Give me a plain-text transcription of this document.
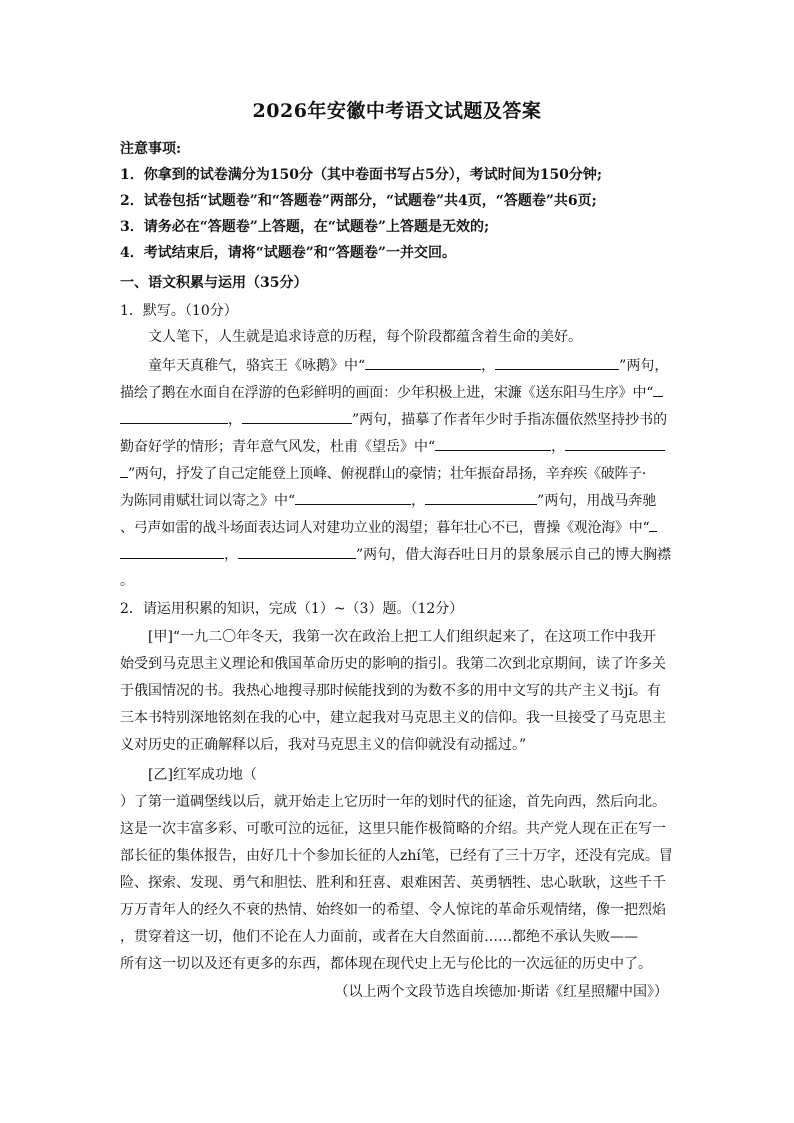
2026年安徽中考语文试题及答案
注意事项:
1．你拿到的试卷满分为150分（其中卷面书写占5分），考试时间为150分钟;
2．试卷包括“试题卷”和“答题卷”两部分，“试题卷”共4页，“答题卷”共6页;
3．请务必在“答题卷”上答题，在“试题卷”上答题是无效的;
4．考试结束后，请将“试题卷”和“答题卷”一并交回。
一、语文积累与运用（35分）
1．默写。（10分）
文人笔下，人生就是追求诗意的历程，每个阶段都蕴含着生命的美好。
童年天真稚气，骆宾王《咏鹅》中“	，	”两句，
描绘了鹅在水面自在浮游的色彩鲜明的画面：少年积极上进，宋濂《送东阳马生序》中“
，	”两句，描摹了作者年少时手指冻僵依然坚持抄书的
勤奋好学的情形；青年意气风发，杜甫《望岳》中“	，
”两句，抒发了自己定能登上顶峰、俯视群山的豪情；壮年振奋昂扬，辛弃疾《破阵子·
为陈同甫赋壮词以寄之》中“	，	”两句，用战马奔驰
、弓声如雷的战斗场面表达词人对建功立业的渴望；暮年壮心不已，曹操《观沧海》中“
，	”两句，借大海吞吐日月的景象展示自己的博大胸襟
。
2．请运用积累的知识，完成（1）~（3）题。（12分）
[甲]“一九二〇年冬天，我第一次在政治上把工人们组织起来了，在这项工作中我开
始受到马克思主义理论和俄国革命历史的影响的指引。我第二次到北京期间，读了许多关
于俄国情况的书。我热心地搜寻那时候能找到的为数不多的用中文写的共产主义书jí。有
三本书特别深地铭刻在我的心中，建立起我对马克思主义的信仰。我一旦接受了马克思主
义对历史的正确解释以后，我对马克思主义的信仰就没有动摇过。”
[乙]红军成功地（
）了第一道碉堡线以后，就开始走上它历时一年的划时代的征途，首先向西，然后向北。
这是一次丰富多彩、可歌可泣的远征，这里只能作极简略的介绍。共产党人现在正在写一
部长征的集体报告，由好几十个参加长征的人zhí笔，已经有了三十万字，还没有完成。冒
险、探索、发现、勇气和胆怯、胜利和狂喜、艰难困苦、英勇牺牲、忠心耿耿，这些千千
万万青年人的经久不衰的热情、始终如一的希望、令人惊诧的革命乐观情绪，像一把烈焰
，贯穿着这一切，他们不论在人力面前，或者在大自然面前……都绝不承认失败——
所有这一切以及还有更多的东西，都体现在现代史上无与伦比的一次远征的历史中了。
（以上两个文段节选自埃德加·斯诺《红星照耀中国》）
